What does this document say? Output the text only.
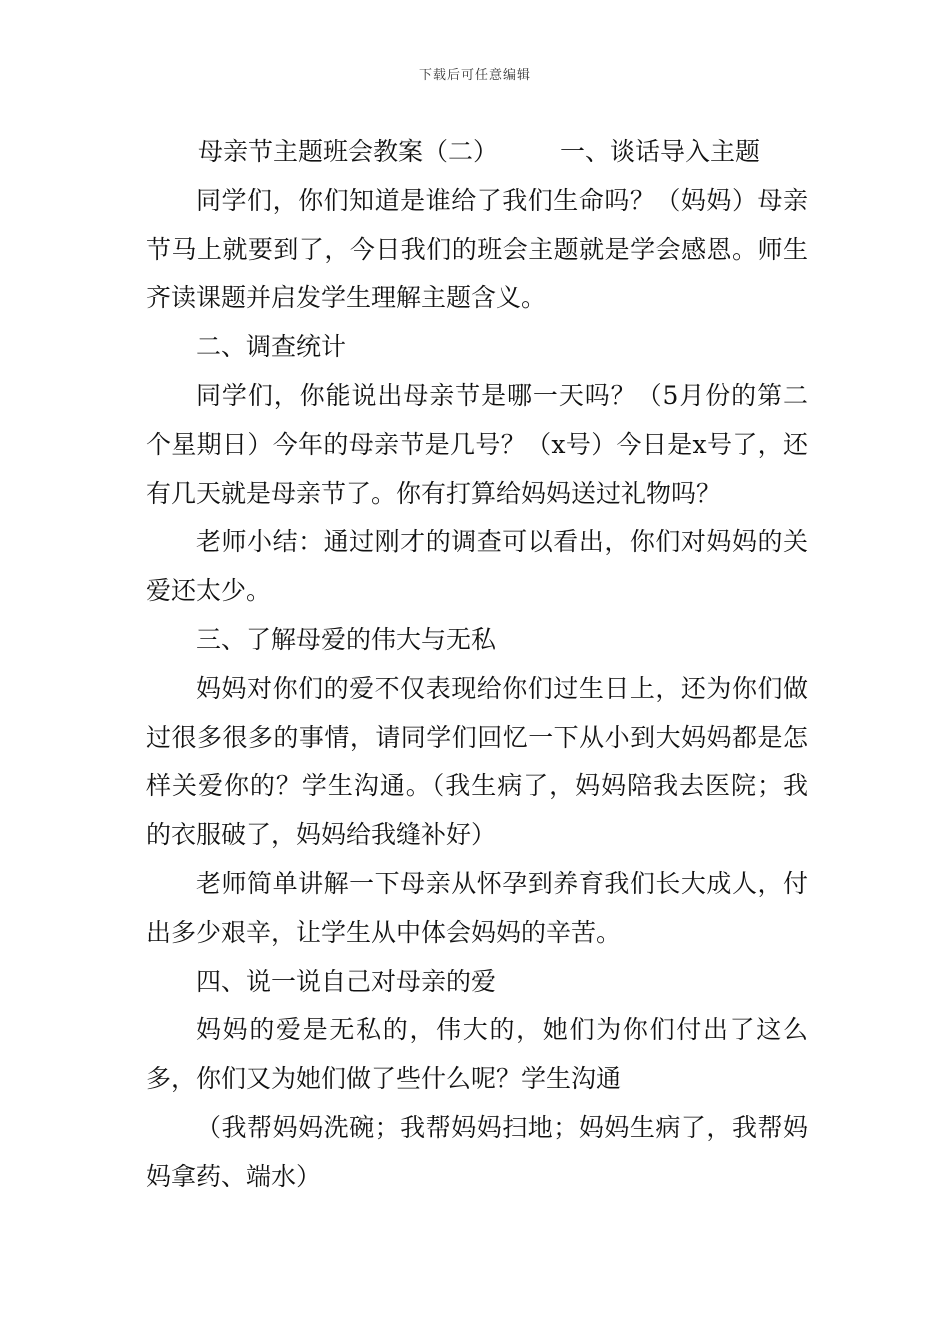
下载后可任意编辑
母亲节主题班会教案（二） 一、谈话导入主题

同学们，你们知道是谁给了我们生命吗？（妈妈）母亲节马上就要到了，今日我们的班会主题就是学会感恩。师生齐读课题并启发学生理解主题含义。

二、调查统计

同学们，你能说出母亲节是哪一天吗？（5月份的第二个星期日）今年的母亲节是几号？（x号）今日是x号了，还有几天就是母亲节了。你有打算给妈妈送过礼物吗？

老师小结：通过刚才的调查可以看出，你们对妈妈的关爱还太少。

三、了解母爱的伟大与无私

妈妈对你们的爱不仅表现给你们过生日上，还为你们做过很多很多的事情，请同学们回忆一下从小到大妈妈都是怎样关爱你的？学生沟通。（我生病了，妈妈陪我去医院；我的衣服破了，妈妈给我缝补好）

老师简单讲解一下母亲从怀孕到养育我们长大成人，付出多少艰辛，让学生从中体会妈妈的辛苦。

四、说一说自己对母亲的爱

妈妈的爱是无私的，伟大的，她们为你们付出了这么多，你们又为她们做了些什么呢？学生沟通

（我帮妈妈洗碗；我帮妈妈扫地；妈妈生病了，我帮妈妈拿药、端水）
